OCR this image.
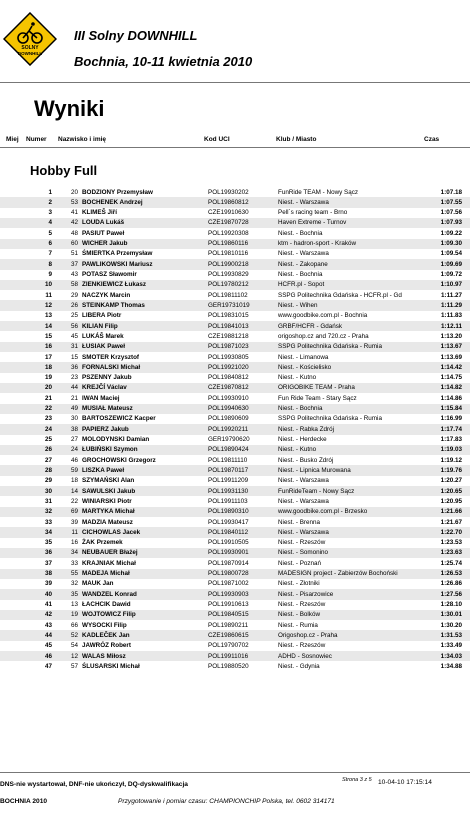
SOLNY
DOWNHILL
III Solny DOWNHILL
Bochnia, 10-11 kwietnia 2010
Wyniki
Miej Numer Nazwisko i imię	Kod UCI	Klub / Miasto	Czas
Hobby Full
1	20 BODZIONY Przemysław	POL19930202	FunRide TEAM - Nowy Sącz	1:07.18
2	53 BOCHENEK Andrzej	POL19860812	Niest. - Warszawa	1:07.55
3	41 KLIMEŠ Jiří	CZE19910630	Pell´s racing team - Brno	1:07.56
4	42 LOUDA Lukáš	CZE19870728	Haven Extreme - Turnov	1:07.93
5	48 PASIUT Paweł	POL19920308	Niest. - Bochnia	1:09.22
6	60 WICHER Jakub	POL19860116	ktm - hadron-sport - Kraków	1:09.30
7	51 ŚMIERTKA Przemysław	POL19810116	Niest. - Warszawa	1:09.54
8	37 PAWLIKOWSKI Mariusz	POL19900218	Niest. - Zakopane	1:09.69
9	43 POTASZ Sławomir	POL19930829	Niest. - Bochnia	1:09.72
10	58 ZIENKIEWICZ Łukasz	POL19780212	HCFR.pl - Sopot	1:10.97
11	29 NACZYK Marcin	POL19811102	SSPG Politechnika Gdańska - HCFR.pl - Gd	1:11.27
12	26 STEINKAMP Thomas	GER19731019	Niest. - Wihen	1:11.29
13	25 LIBERA Piotr	POL19831015	www.goodbike.com.pl - Bochnia	1:11.83
14	56 KILIAN Filip	POL19841013	GRBF/HCFR - Gdańsk	1:12.11
15	45 LUKÁŠ Marek	CZE19881218	origoshop.cz and 720.cz - Praha	1:13.20
16	31 ŁUSIAK Paweł	POL19871023	SSPG Politechnika Gdańska - Rumia	1:13.67
17	15 SMOTER Krzysztof	POL19930805	Niest. - Limanowa	1:13.69
18	36 FORNALSKI Michał	POL19921020	Niest. - Kościelisko	1:14.42
19	23 PSZENNY Jakub	POL19840812	Niest. - Kutno	1:14.75
20	44 KREJČÍ Václav	CZE19870812	ORIGOBIKE TEAM - Praha	1:14.82
21	21 IWAN Maciej	POL19930910	Fun Ride Team - Stary Sącz	1:14.86
22	49 MUSIAŁ Mateusz	POL19940630	Niest. - Bochnia	1:15.84
23	30 BARTOSZEWICZ Kacper	POL19890609	SSPG Politechnika Gdańska - Rumia	1:16.99
24	38 PAPIERZ Jakub	POL19920211	Niest. - Rabka Zdrój	1:17.74
25	27 MOLODYNSKI Damian	GER19790620	Niest. - Herdecke	1:17.83
26	24 ŁUBIŃSKI Szymon	POL19890424	Niest. - Kutno	1:19.03
27	46 GROCHOWSKI Grzegorz	POL19811110	Niest. - Busko Zdrój	1:19.12
28	59 LISZKA Paweł	POL19870117	Niest. - Lipnica Murowana	1:19.76
29	18 SZYMAŃSKI Alan	POL19911209	Niest. - Warszawa	1:20.27
30	14 SAWULSKI Jakub	POL19931130	FunRideTeam - Nowy Sącz	1:20.65
31	22 WINIARSKI Piotr	POL19911103	Niest. - Warszawa	1:20.95
32	69 MARTYKA Michał	POL19890310	www.goodbike.com.pl - Brzesko	1:21.66
33	39 MADZIA Mateusz	POL19930417	Niest. - Brenna	1:21.67
34	11 CICHOWLAS Jacek	POL19840112	Niest. - Warszawa	1:22.70
35	16 ŻAK Przemek	POL19910505	Niest. - Rzeszów	1:23.53
36	34 NEUBAUER Błażej	POL19930901	Niest. - Somonino	1:23.63
37	33 KRAJNIAK Michał	POL19870914	Niest. - Poznań	1:25.74
38	55 MADEJA Michał	POL19800728	MADESIGN project - Zabierzów Bochoński	1:26.53
39	32 MAUK Jan	POL19871002	Niest. - Złotniki	1:26.86
40	35 WANDZEL Konrad	POL19930903	Niest. - Pisarzowice	1:27.56
41	13 ŁACHCIK Dawid	POL19910613	Niest. - Rzeszów	1:28.10
42	19 WOJTOWICZ Filip	POL19840515	Niest. - Bolków	1:30.01
43	66 WYSOCKI Filip	POL19890211	Niest. - Rumia	1:30.20
44	52 KADLEČEK Jan	CZE19860615	Origoshop.cz - Praha	1:31.53
45	54 JAWRÓZ Robert	POL19790702	Niest. - Rzeszów	1:33.49
46	12 WALAS Miłosz	POL19911016	ADHD - Sosnowiec	1:34.03
47	57 ŚLUSARSKI Michał	POL19880520	Niest. - Gdynia	1:34.88
DNS-nie wystartował, DNF-nie ukończył, DQ-dyskwalifikacja
Strona 3 z 5 10-04-10 17:15:14
BOCHNIA 2010	Przygotowanie i pomiar czasu: CHAMPIONCHIP Polska, tel. 0602 314171
